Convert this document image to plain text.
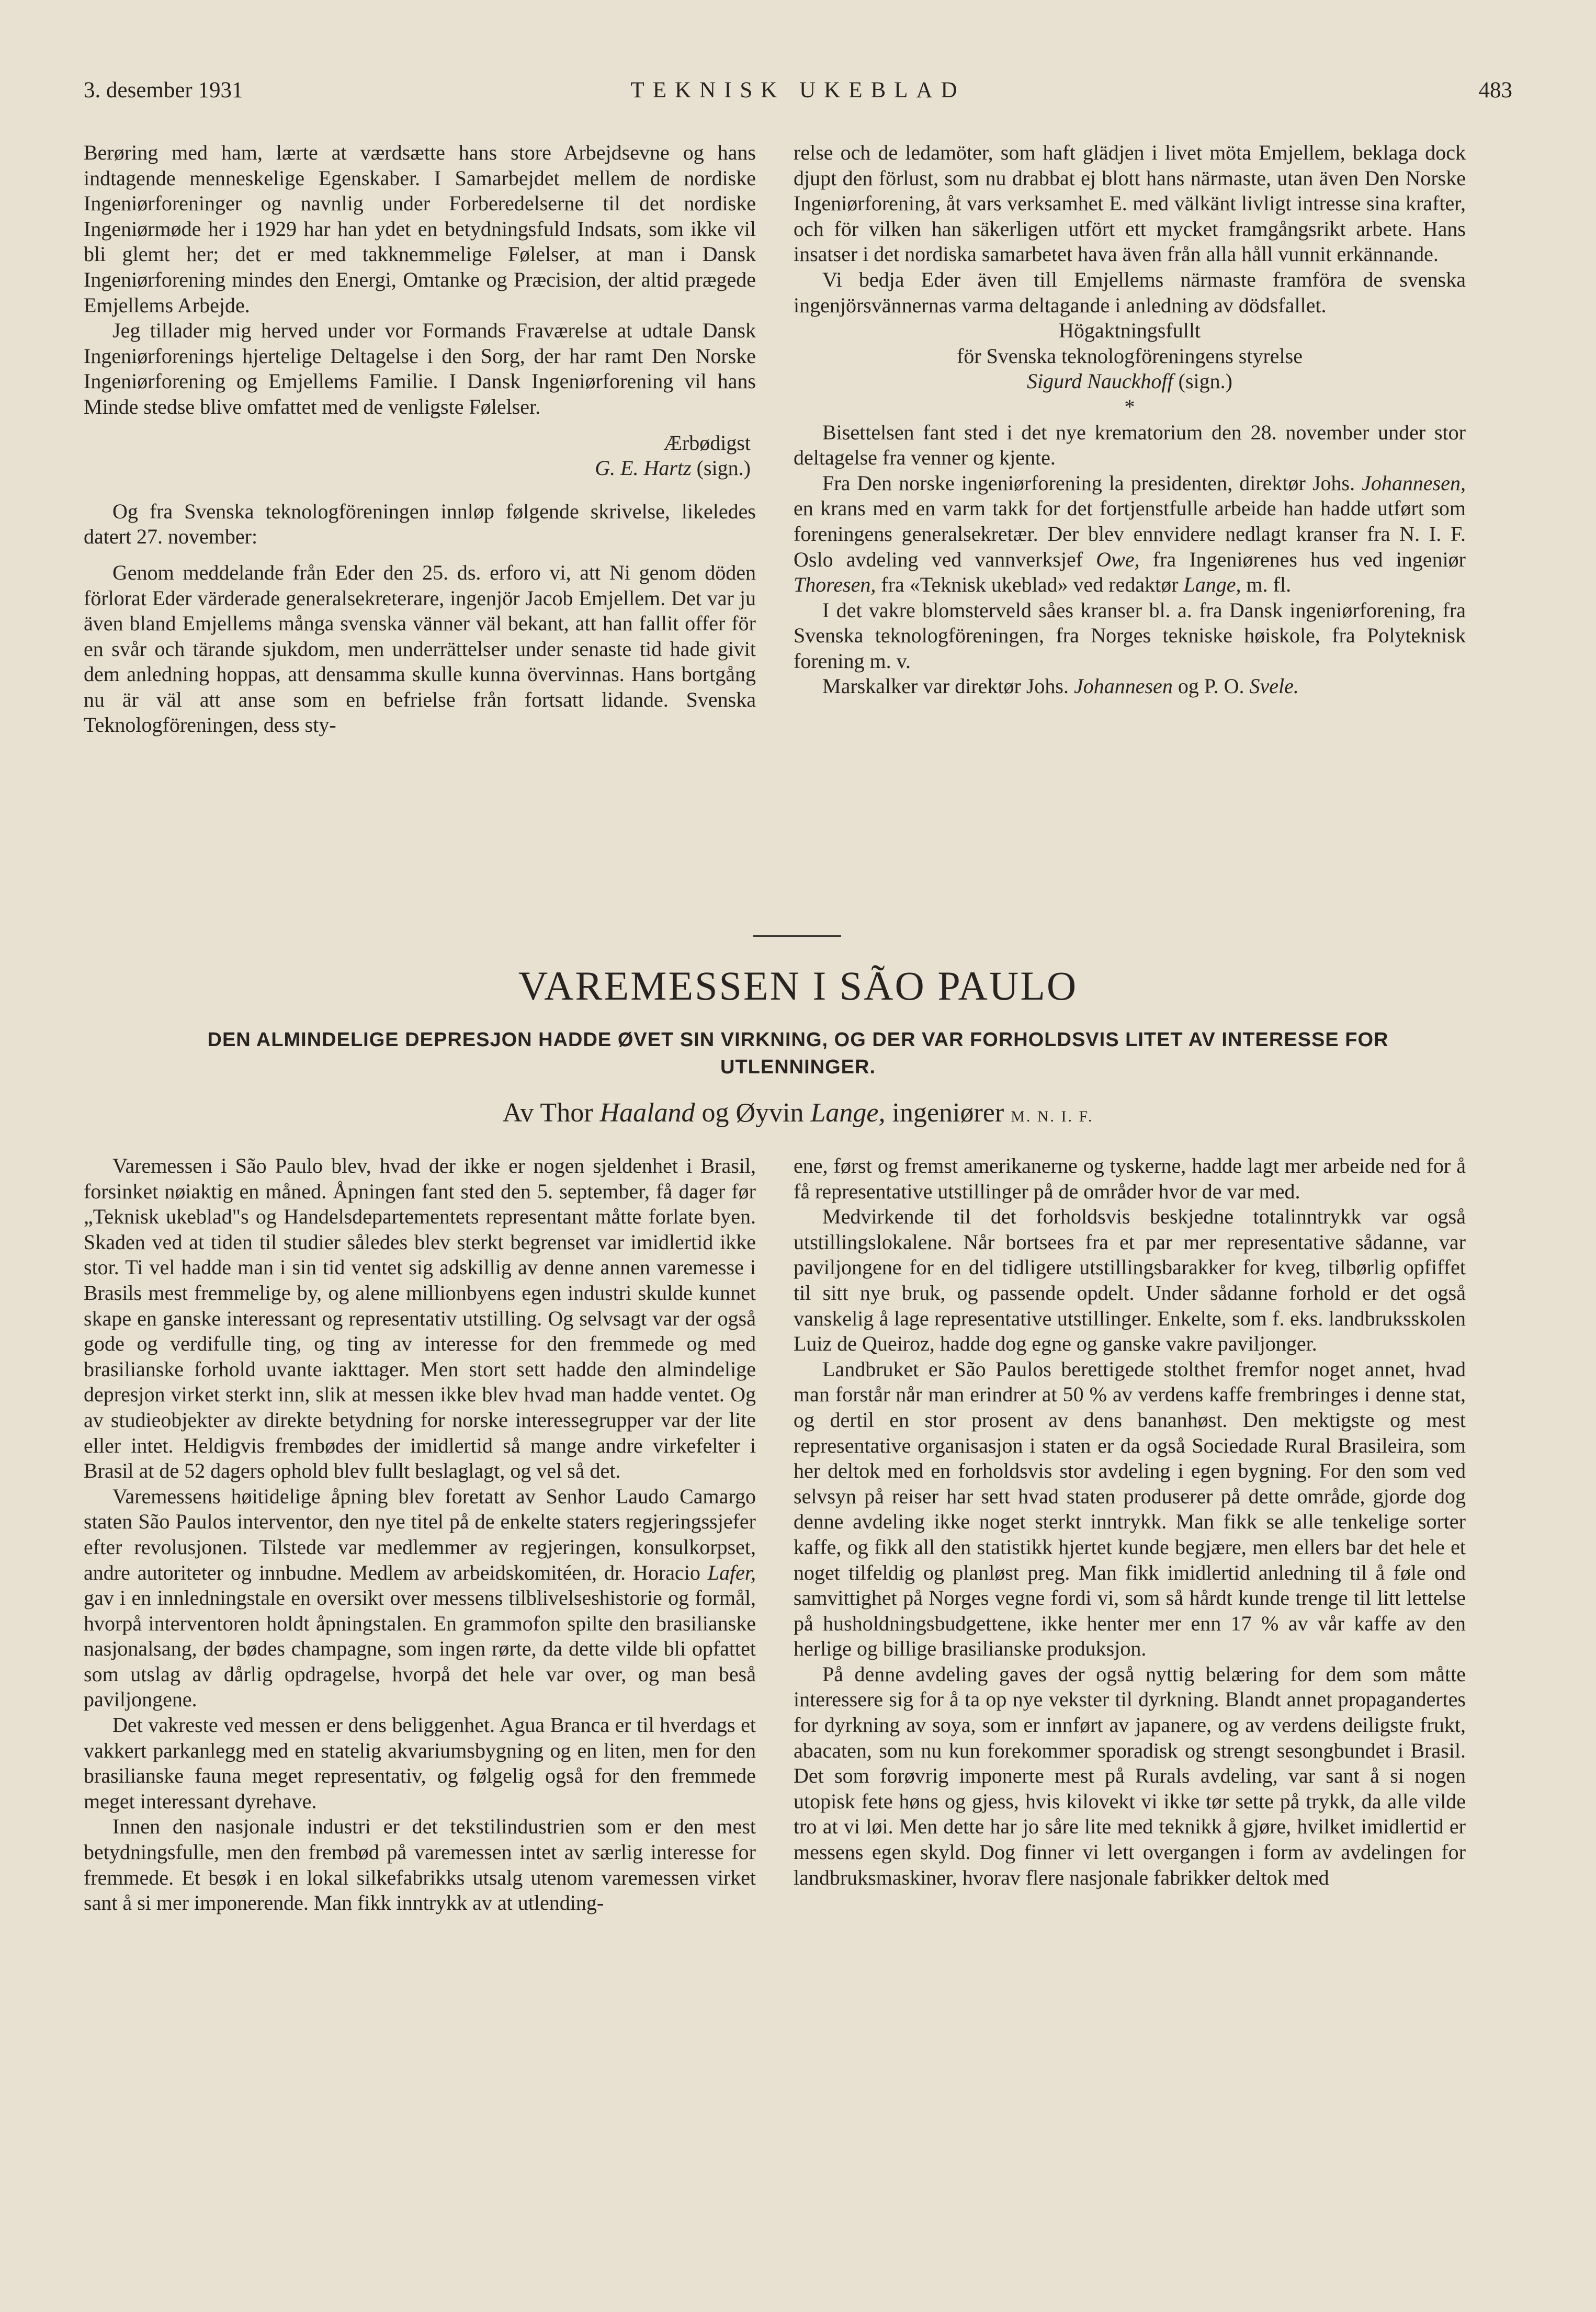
3. desember 1931	TEKNISK UKEBLAD	483

Berøring med ham, lærte at værdsætte hans store Arbejdsevne og hans indtagende menneskelige Egenskaber. I Samarbejdet mellem de nordiske Ingeniørforeninger og navnlig under Forberedelserne til det nordiske Ingeniørmøde her i 1929 har han ydet en betydningsfuld Indsats, som ikke vil bli glemt her; det er med takknemmelige Følelser, at man i Dansk Ingeniørforening mindes den Energi, Omtanke og Præcision, der altid prægede Emjellems Arbejde.

Jeg tillader mig herved under vor Formands Fraværelse at udtale Dansk Ingeniørforenings hjertelige Deltagelse i den Sorg, der har ramt Den Norske Ingeniørforening og Emjellems Familie. I Dansk Ingeniørforening vil hans Minde stedse blive omfattet med de venligste Følelser.

Ærbødigst

G. E. Hartz (sign.)

Og fra Svenska teknologföreningen innløp følgende skrivelse, likeledes datert 27. november:

Genom meddelande från Eder den 25. ds. erforo vi, att Ni genom döden förlorat Eder värderade generalsekreterare, ingenjör Jacob Emjellem. Det var ju även bland Emjellems många svenska vänner väl bekant, att han fallit offer för en svår och tärande sjukdom, men underrättelser under senaste tid hade givit dem anledning hoppas, att densamma skulle kunna övervinnas. Hans bortgång nu är väl att anse som en befrielse från fortsatt lidande. Svenska Teknologföreningen, dess sty-

relse och de ledamöter, som haft glädjen i livet möta Emjellem, beklaga dock djupt den förlust, som nu drabbat ej blott hans närmaste, utan även Den Norske Ingeniørforening, åt vars verksamhet E. med välkänt livligt intresse sina krafter, och för vilken han säkerligen utfört ett mycket framgångsrikt arbete. Hans insatser i det nordiska samarbetet hava även från alla håll vunnit erkännande.

Vi bedja Eder även till Emjellems närmaste framföra de svenska ingenjörsvännernas varma deltagande i anledning av dödsfallet.

Högaktningsfullt

för Svenska teknologföreningens styrelse

Sigurd Nauckhoff (sign.)

*

Bisettelsen fant sted i det nye krematorium den 28. november under stor deltagelse fra venner og kjente.

Fra Den norske ingeniørforening la presidenten, direktør Johs. Johannesen, en krans med en varm takk for det fortjenstfulle arbeide han hadde utført som foreningens generalsekretær. Der blev ennvidere nedlagt kranser fra N. I. F. Oslo avdeling ved vannverksjef Owe, fra Ingeniørenes hus ved ingeniør Thoresen, fra «Teknisk ukeblad» ved redaktør Lange, m. fl.

I det vakre blomsterveld såes kranser bl. a. fra Dansk ingeniørforening, fra Svenska teknologföreningen, fra Norges tekniske høiskole, fra Polyteknisk forening m. v.

Marskalker var direktør Johs. Johannesen og P. O. Svele.

VAREMESSEN I SÃO PAULO
DEN ALMINDELIGE DEPRESJON HADDE ØVET SIN VIRKNING, OG DER VAR FORHOLDSVIS LITET AV INTERESSE FOR UTLENNINGER.

Av Thor Haaland og Øyvin Lange, ingeniører M. N. I. F.

Varemessen i São Paulo blev, hvad der ikke er nogen sjeldenhet i Brasil, forsinket nøiaktig en måned. Åpningen fant sted den 5. september, få dager før „Teknisk ukeblad"s og Handelsdepartementets representant måtte forlate byen. Skaden ved at tiden til studier således blev sterkt begrenset var imidlertid ikke stor. Ti vel hadde man i sin tid ventet sig adskillig av denne annen varemesse i Brasils mest fremmelige by, og alene millionbyens egen industri skulde kunnet skape en ganske interessant og representativ utstilling. Og selvsagt var der også gode og verdifulle ting, og ting av interesse for den fremmede og med brasilianske forhold uvante iakttager. Men stort sett hadde den almindelige depresjon virket sterkt inn, slik at messen ikke blev hvad man hadde ventet. Og av studieobjekter av direkte betydning for norske interessegrupper var der lite eller intet. Heldigvis frembødes der imidlertid så mange andre virkefelter i Brasil at de 52 dagers ophold blev fullt beslaglagt, og vel så det.

Varemessens høitidelige åpning blev foretatt av Senhor Laudo Camargo staten São Paulos interventor, den nye titel på de enkelte staters regjeringssjefer efter revolusjonen. Tilstede var medlemmer av regjeringen, konsulkorpset, andre autoriteter og innbudne. Medlem av arbeidskomitéen, dr. Horacio Lafer, gav i en innledningstale en oversikt over messens tilblivelseshistorie og formål, hvorpå interventoren holdt åpningstalen. En grammofon spilte den brasilianske nasjonalsang, der bødes champagne, som ingen rørte, da dette vilde bli opfattet som utslag av dårlig opdragelse, hvorpå det hele var over, og man beså paviljongene.

Det vakreste ved messen er dens beliggenhet. Agua Branca er til hverdags et vakkert parkanlegg med en statelig akvariumsbygning og en liten, men for den brasilianske fauna meget representativ, og følgelig også for den fremmede meget interessant dyrehave.

Innen den nasjonale industri er det tekstilindustrien som er den mest betydningsfulle, men den frembød på varemessen intet av særlig interesse for fremmede. Et besøk i en lokal silkefabrikks utsalg utenom varemessen virket sant å si mer imponerende. Man fikk inntrykk av at utlending-

ene, først og fremst amerikanerne og tyskerne, hadde lagt mer arbeide ned for å få representative utstillinger på de områder hvor de var med.

Medvirkende til det forholdsvis beskjedne totalinntrykk var også utstillingslokalene. Når bortsees fra et par mer representative sådanne, var paviljongene for en del tidligere utstillingsbarakker for kveg, tilbørlig opfiffet til sitt nye bruk, og passende opdelt. Under sådanne forhold er det også vanskelig å lage representative utstillinger. Enkelte, som f. eks. landbruksskolen Luiz de Queiroz, hadde dog egne og ganske vakre paviljonger.

Landbruket er São Paulos berettigede stolthet fremfor noget annet, hvad man forstår når man erindrer at 50 % av verdens kaffe frembringes i denne stat, og dertil en stor prosent av dens bananhøst. Den mektigste og mest representative organisasjon i staten er da også Sociedade Rural Brasileira, som her deltok med en forholdsvis stor avdeling i egen bygning. For den som ved selvsyn på reiser har sett hvad staten produserer på dette område, gjorde dog denne avdeling ikke noget sterkt inntrykk. Man fikk se alle tenkelige sorter kaffe, og fikk all den statistikk hjertet kunde begjære, men ellers bar det hele et noget tilfeldig og planløst preg. Man fikk imidlertid anledning til å føle ond samvittighet på Norges vegne fordi vi, som så hårdt kunde trenge til litt lettelse på husholdningsbudgettene, ikke henter mer enn 17 % av vår kaffe av den herlige og billige brasilianske produksjon.

På denne avdeling gaves der også nyttig belæring for dem som måtte interessere sig for å ta op nye vekster til dyrkning. Blandt annet propagandertes for dyrkning av soya, som er innført av japanere, og av verdens deiligste frukt, abacaten, som nu kun forekommer sporadisk og strengt sesongbundet i Brasil. Det som forøvrig imponerte mest på Rurals avdeling, var sant å si nogen utopisk fete høns og gjess, hvis kilovekt vi ikke tør sette på trykk, da alle vilde tro at vi løi. Men dette har jo såre lite med teknikk å gjøre, hvilket imidlertid er messens egen skyld. Dog finner vi lett overgangen i form av avdelingen for landbruksmaskiner, hvorav flere nasjonale fabrikker deltok med
